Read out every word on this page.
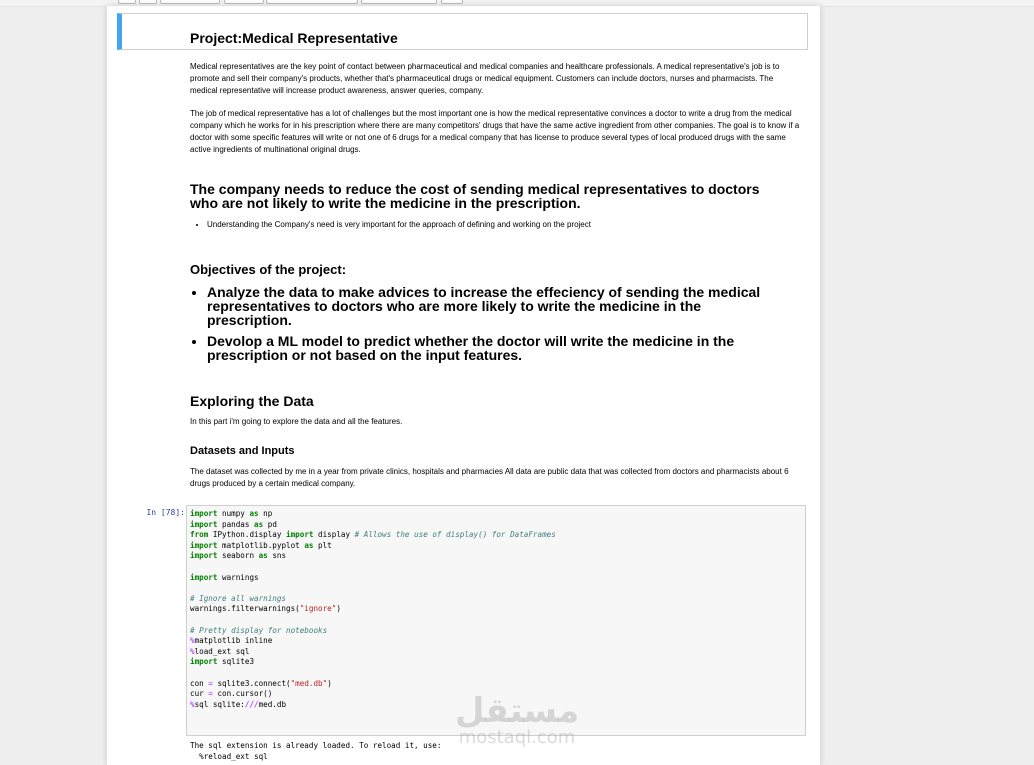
Project:Medical Representative
Medical representatives are the key point of contact between pharmaceutical and medical companies and healthcare professionals. A medical representative's job is to promote and sell their company's products, whether that's pharmaceutical drugs or medical equipment. Customers can include doctors, nurses and pharmacists. The medical representative will increase product awareness, answer queries, company.
The job of medical representative has a lot of challenges but the most important one is how the medical representative convinces a doctor to write a drug from the medical company which he works for in his prescription where there are many competitors' drugs that have the same active ingredient from other companies. The goal is to know if a doctor with some specific features will write or not one of 6 drugs for a medical company that has license to produce several types of local produced drugs with the same active ingredients of multinational original drugs.
The company needs to reduce the cost of sending medical representatives to doctors who are not likely to write the medicine in the prescription.
• Understanding the Company's need is very important for the approach of defining and working on the project
Objectives of the project:
• Analyze the data to make advices to increase the effeciency of sending the medical representatives to doctors who are more likely to write the medicine in the prescription.
• Devolop a ML model to predict whether the doctor will write the medicine in the prescription or not based on the input features.
Exploring the Data
In this part i'm going to explore the data and all the features.
Datasets and Inputs
The dataset was collected by me in a year from private clinics, hospitals and pharmacies All data are public data that was collected from doctors and pharmacists about 6 drugs produced by a certain medical company.
In [78]: import numpy as np
import pandas as pd
from IPython.display import display # Allows the use of display() for DataFrames
import matplotlib.pyplot as plt
import seaborn as sns

import warnings

# Ignore all warnings
warnings.filterwarnings("ignore")

# Pretty display for notebooks
%matplotlib inline
%load_ext sql
import sqlite3

con = sqlite3.connect("med.db")
cur = con.cursor()
%sql sqlite:///med.db
The sql extension is already loaded. To reload it, use:
%reload_ext sql
مستقل
mostaql.com
